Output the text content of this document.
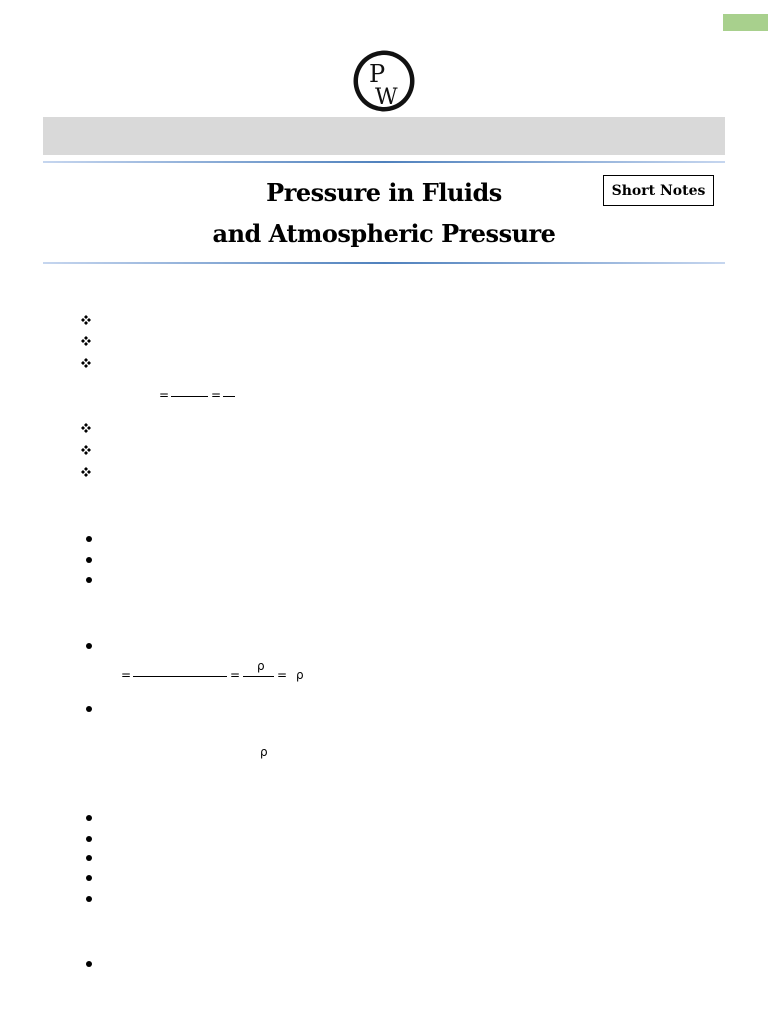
P
W
Pressure in Fluids
and Atmospheric Pressure
Short Notes
=	=
=	=
ρ
= ρ
ρ
